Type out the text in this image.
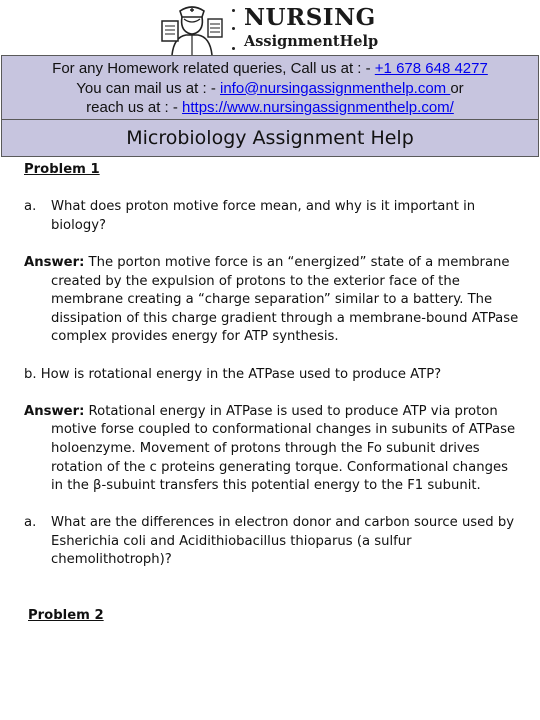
NURSING
AssignmentHelp
For any Homework related queries, Call us at : - +1 678 648 4277
You can mail us at : - info@nursingassignmenthelp.com or
reach us at : - https://www.nursingassignmenthelp.com/
Microbiology Assignment Help
Problem 1
a. What does proton motive force mean, and why is it important in biology?
Answer: The porton motive force is an “energized” state of a membrane created by the expulsion of protons to the exterior face of the membrane creating a “charge separation” similar to a battery. The dissipation of this charge gradient through a membrane-bound ATPase complex provides energy for ATP synthesis.
b. How is rotational energy in the ATPase used to produce ATP?
Answer: Rotational energy in ATPase is used to produce ATP via proton motive forse coupled to conformational changes in subunits of ATPase holoenzyme. Movement of protons through the Fo subunit drives rotation of the c proteins generating torque. Conformational changes in the β-subuint transfers this potential energy to the F1 subunit.
a. What are the differences in electron donor and carbon source used by Esherichia coli and Acidithiobacillus thioparus (a sulfur chemolithotroph)?
Problem 2
